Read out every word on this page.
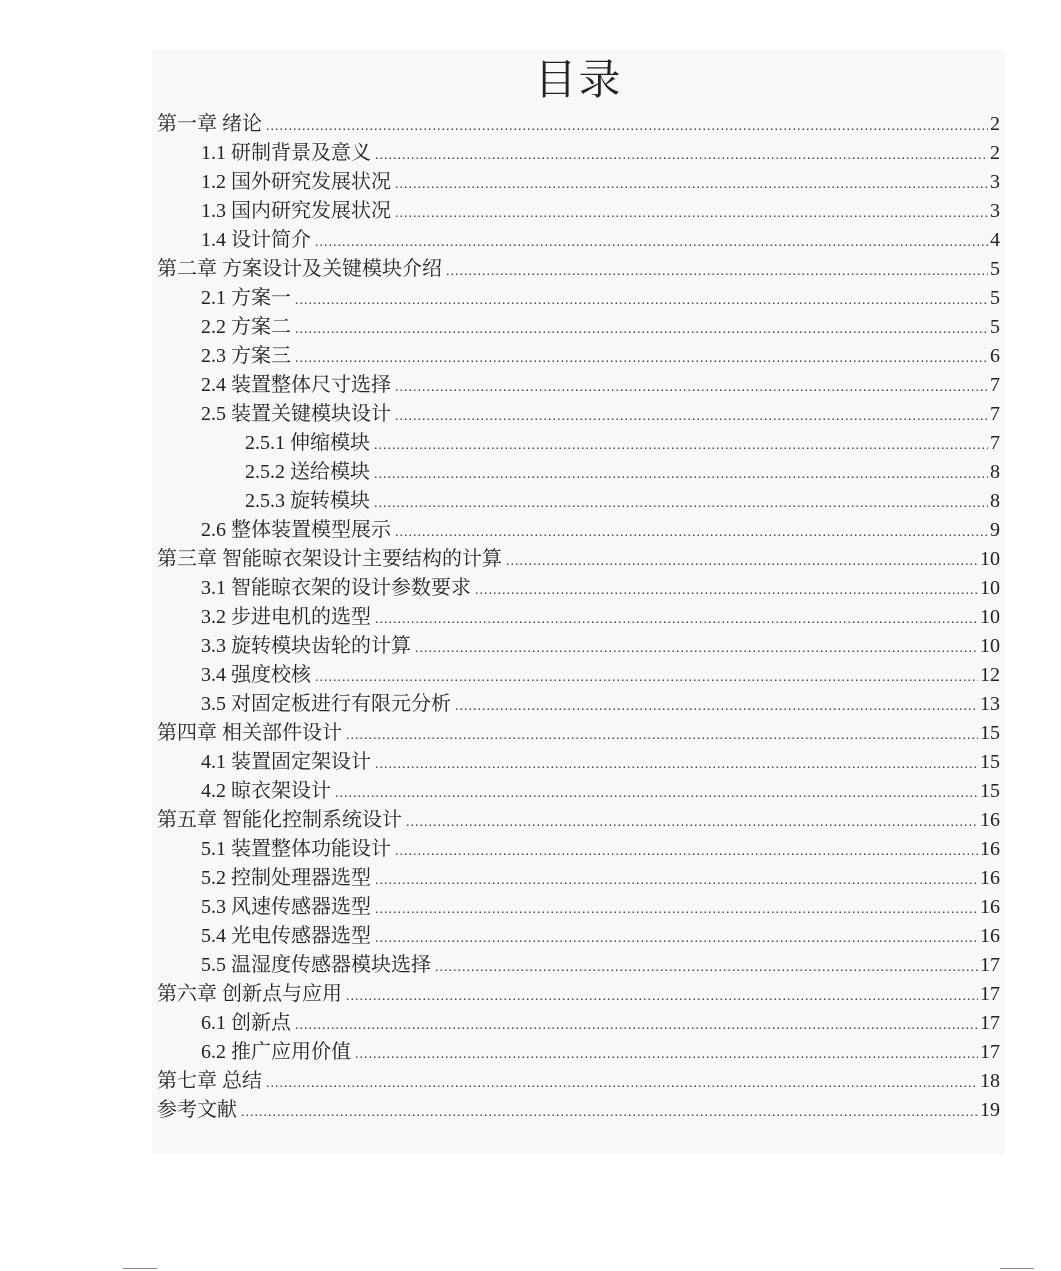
目录
第一章 绪论 .....	2
1.1 研制背景及意义 .....	2
1.2 国外研究发展状况 .....	3
1.3 国内研究发展状况 .....	3
1.4 设计简介 .....	4
第二章 方案设计及关键模块介绍 .....	5
2.1 方案一 .....	5
2.2 方案二 .....	5
2.3 方案三 .....	6
2.4 装置整体尺寸选择 .....	7
2.5 装置关键模块设计 .....	7
2.5.1 伸缩模块 .....	7
2.5.2 送给模块 .....	8
2.5.3 旋转模块 .....	8
2.6 整体装置模型展示 .....	9
第三章 智能晾衣架设计主要结构的计算 .....	10
3.1 智能晾衣架的设计参数要求 .....	10
3.2 步进电机的选型 .....	10
3.3 旋转模块齿轮的计算 .....	10
3.4 强度校核 .....	12
3.5 对固定板进行有限元分析 .....	13
第四章 相关部件设计 .....	15
4.1 装置固定架设计 .....	15
4.2 晾衣架设计 .....	15
第五章 智能化控制系统设计 .....	16
5.1 装置整体功能设计 .....	16
5.2 控制处理器选型 .....	16
5.3 风速传感器选型 .....	16
5.4 光电传感器选型 .....	16
5.5 温湿度传感器模块选择 .....	17
第六章 创新点与应用 .....	17
6.1 创新点 .....	17
6.2 推广应用价值 .....	17
第七章 总结 .....	18
参考文献 .....	19
